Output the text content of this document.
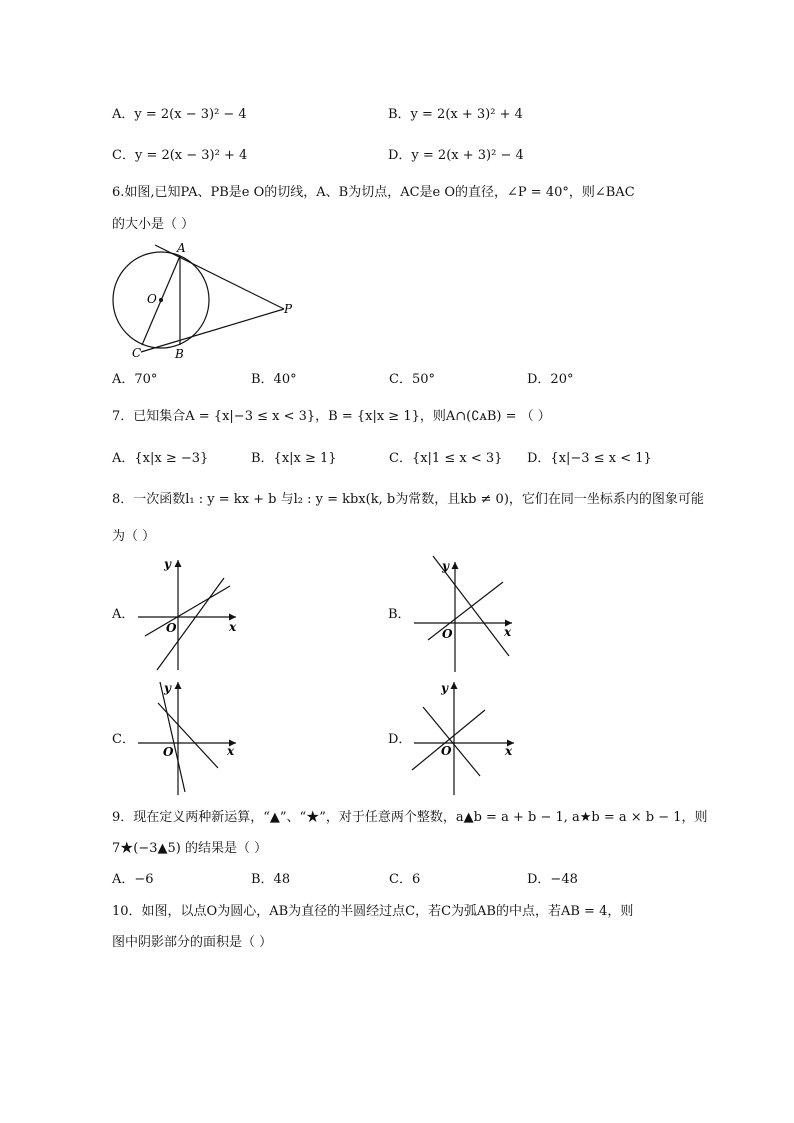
A．y = 2(x − 3)² − 4	B．y = 2(x + 3)² + 4
C．y = 2(x − 3)² + 4	D．y = 2(x + 3)² − 4
6.如图,已知PA、PB是e O的切线，A、B为切点，AC是e O的直径，∠P = 40°，则∠BAC
的大小是（ ）
A
O
P
C	B
A．70°	B．40°	C．50°	D．20°
7．已知集合A = {x|−3 ≤ x < 3}，B = {x|x ≥ 1}，则A∩(∁ᴀB) = （ ）
A．{x|x ≥ −3}	B．{x|x ≥ 1}	C．{x|1 ≤ x < 3} D．{x|−3 ≤ x < 1}
8．一次函数l₁ : y = kx + b 与l₂ : y = kbx(k, b为常数，且kb ≠ 0)，它们在同一坐标系内的图象可能
为（ ）
A．
y
x
O
B．
y
x
O
C．
y
x
O
D．
y
x
O
9．现在定义两种新运算，“▲”、“★”，对于任意两个整数，a▲b = a + b − 1, a★b = a × b − 1，则
7★(−3▲5) 的结果是（ ）
A．−6	B．48	C．6	D．−48
10．如图，以点O为圆心，AB为直径的半圆经过点C，若C为弧AB的中点，若AB = 4，则
图中阴影部分的面积是（ ）
